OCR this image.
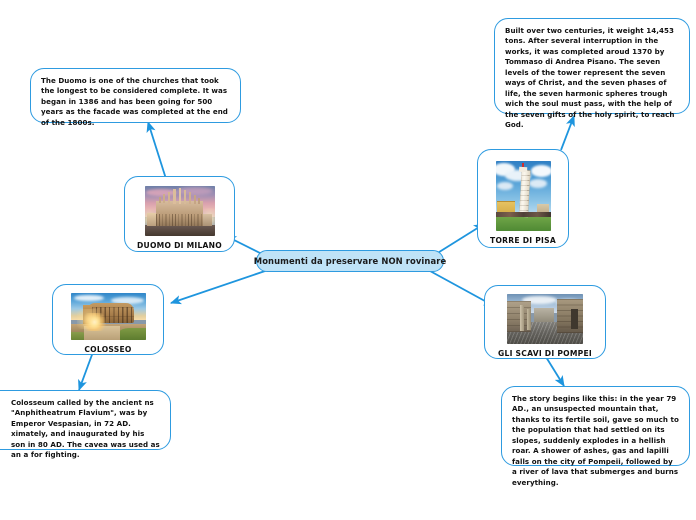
Monumenti da preservare NON rovinare
DUOMO DI MILANO
TORRE DI PISA
COLOSSEO	GLI SCAVI DI POMPEI
The Duomo is one of the churches that took the longest to be considered complete. It was began in 1386 and has been going for 500 years as the facade was completed at the end of the 1800s.
Built over two centuries, it weight 14,453 tons. After several interruption in the works, it was completed aroud 1370 by Tommaso di Andrea Pisano. The seven levels of the tower represent the seven ways of Christ, and the seven phases of life, the seven harmonic spheres trough wich the soul must pass, with the help of the seven gifts of the holy spirit, to reach God.
Colosseum called by the ancient ns "Anphitheatrum Flavium", was by Emperor Vespasian, in 72 AD. ximately, and inaugurated by his son in 80 AD. The cavea was used as an a for fighting.
The story begins like this: in the year 79 AD., an unsuspected mountain that, thanks to its fertile soil, gave so much to the population that had settled on its slopes, suddenly explodes in a hellish roar. A shower of ashes, gas and lapilli falls on the city of Pompeii, followed by a river of lava that submerges and burns everything.
